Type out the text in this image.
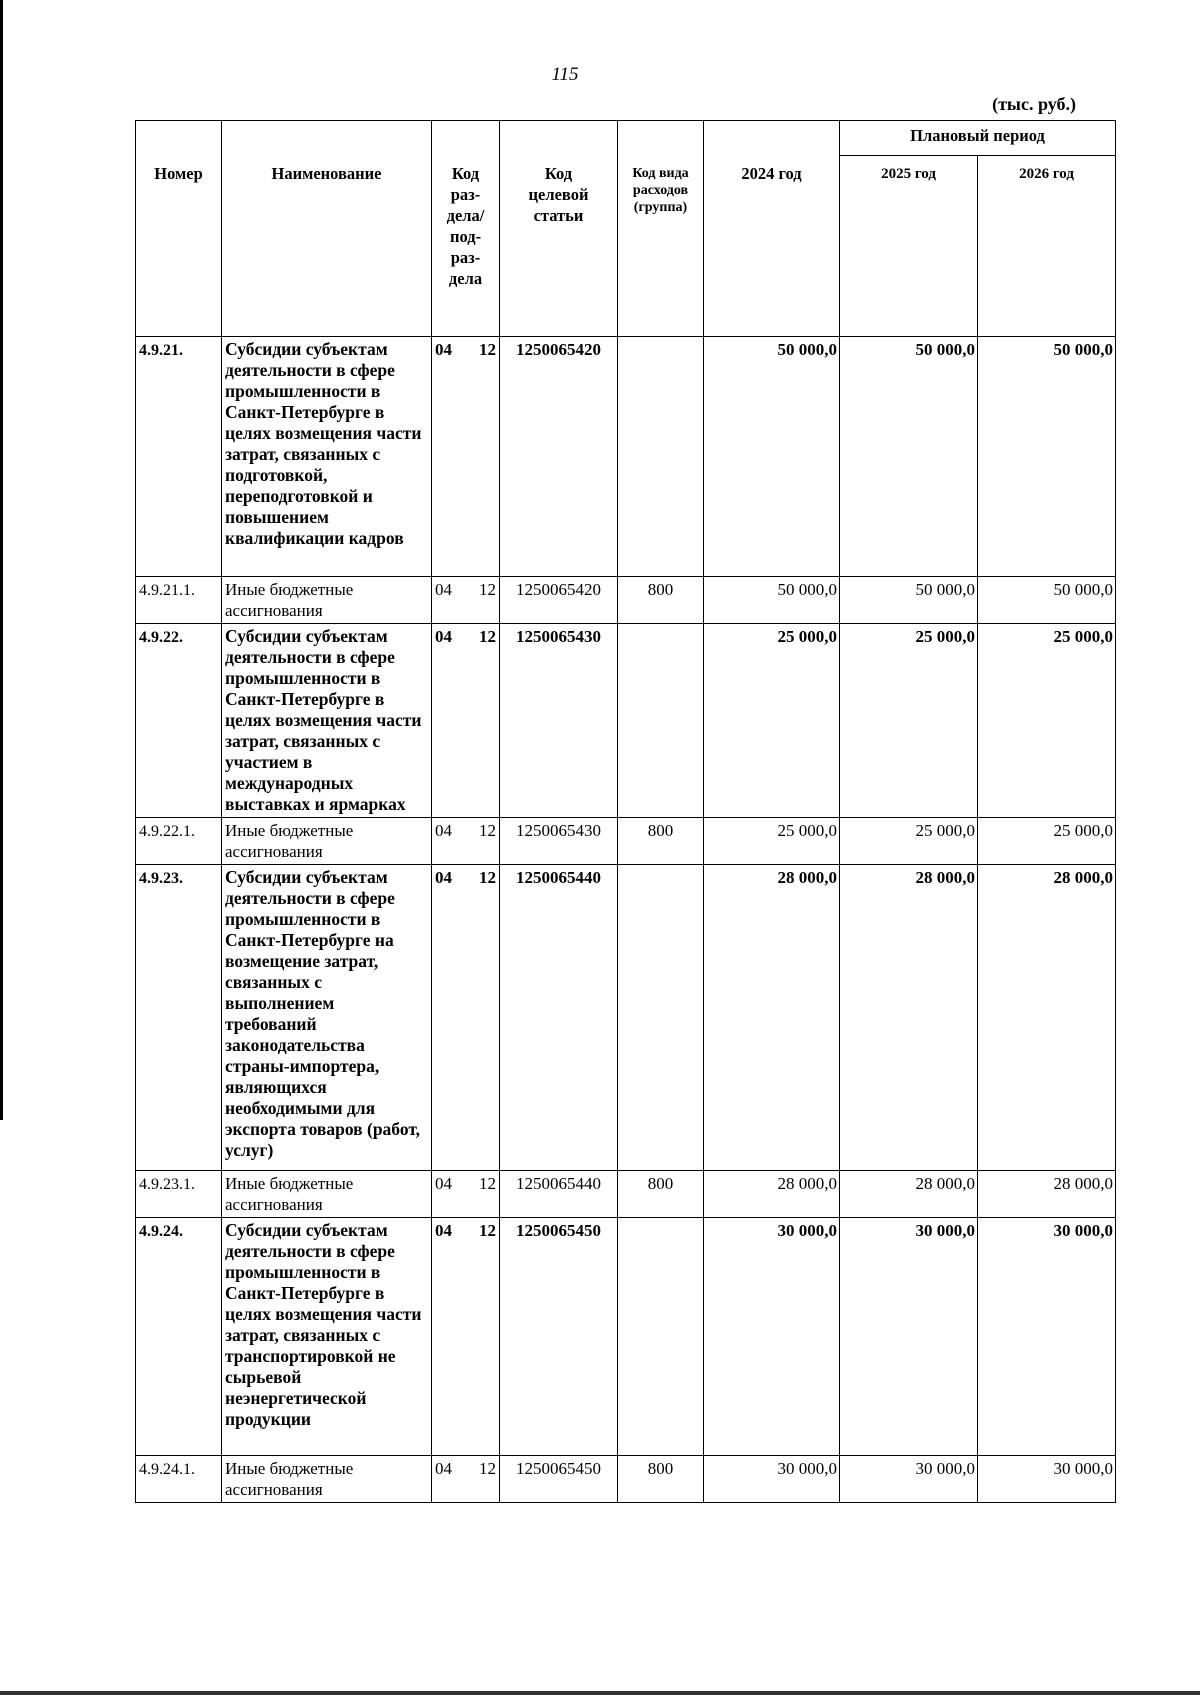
115
(тыс. руб.)
Номер	Наименование	Код раз- дела/ под- раз- дела	Код целевой статьи	Код вида расходов (группа)	2024 год	Плановый период	
						2025 год	2026 год
4.9.21.	Субсидии субъектам деятельности в сфере промышленности в Санкт-Петербурге в целях возмещения части затрат, связанных с подготовкой, переподготовкой и повышением квалификации кадров	04 12	1250065420		50 000,0	50 000,0	50 000,0
4.9.21.1.	Иные бюджетные ассигнования	04 12	1250065420	800	50 000,0	50 000,0	50 000,0
4.9.22.	Субсидии субъектам деятельности в сфере промышленности в Санкт-Петербурге в целях возмещения части затрат, связанных с участием в международных выставках и ярмарках	04 12	1250065430		25 000,0	25 000,0	25 000,0
4.9.22.1.	Иные бюджетные ассигнования	04 12	1250065430	800	25 000,0	25 000,0	25 000,0
4.9.23.	Субсидии субъектам деятельности в сфере промышленности в Санкт-Петербурге на возмещение затрат, связанных с выполнением требований законодательства страны-импортера, являющихся необходимыми для экспорта товаров (работ, услуг)	04 12	1250065440		28 000,0	28 000,0	28 000,0
4.9.23.1.	Иные бюджетные ассигнования	04 12	1250065440	800	28 000,0	28 000,0	28 000,0
4.9.24.	Субсидии субъектам деятельности в сфере промышленности в Санкт-Петербурге в целях возмещения части затрат, связанных с транспортировкой не сырьевой неэнергетической продукции	04 12	1250065450		30 000,0	30 000,0	30 000,0
4.9.24.1.	Иные бюджетные ассигнования	04 12	1250065450	800	30 000,0	30 000,0	30 000,0
